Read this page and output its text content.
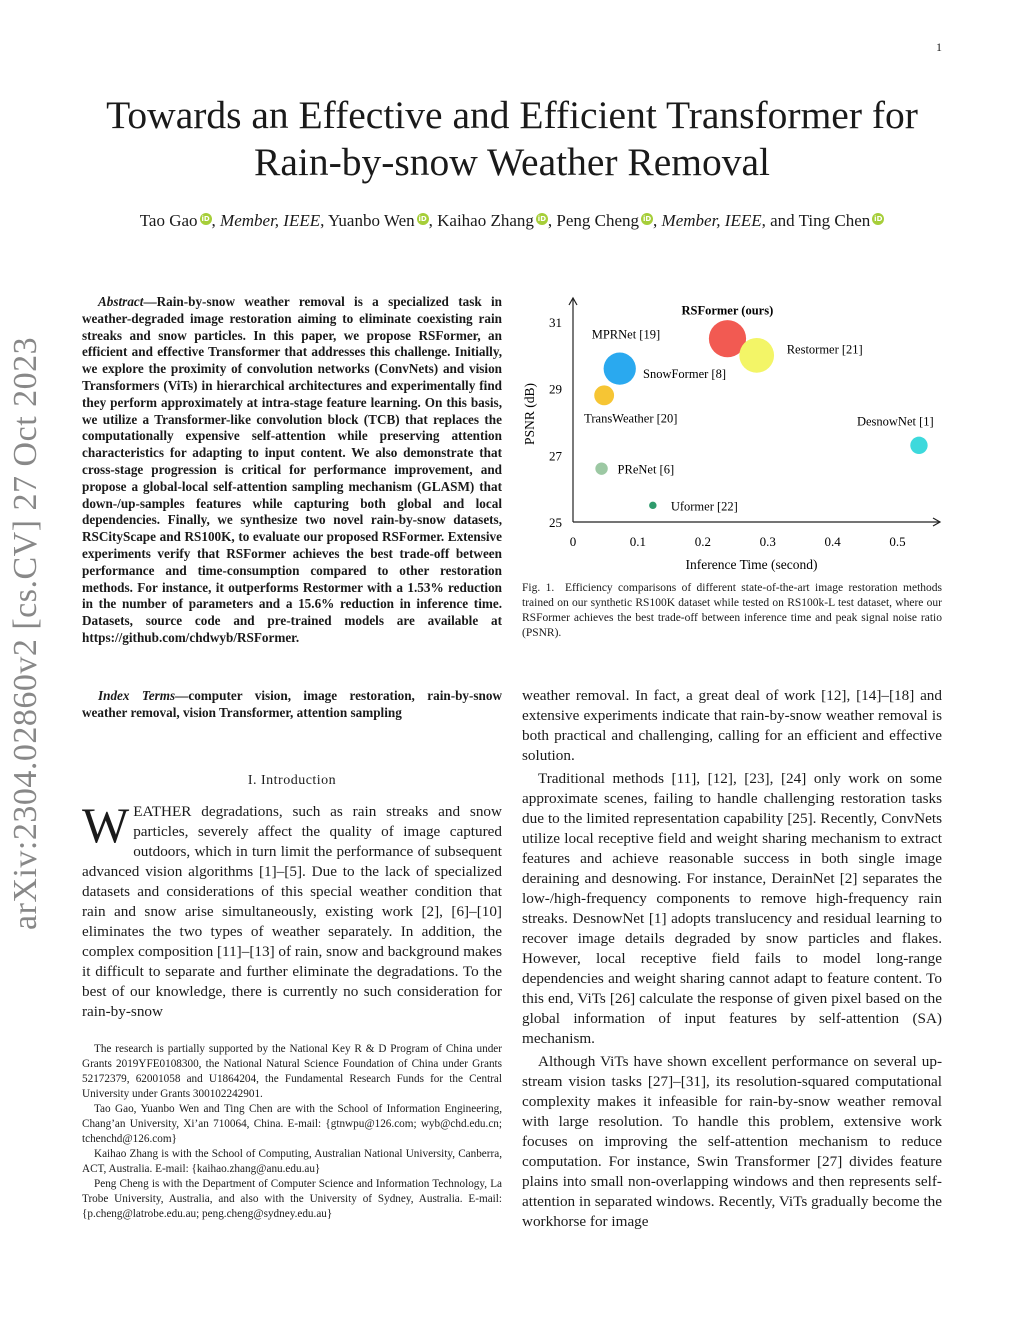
1
Towards an Effective and Efficient Transformer for
Rain-by-snow Weather Removal
Tao Gao iD , Member, IEEE, Yuanbo Wen iD , Kaihao Zhang iD , Peng Cheng iD , Member, IEEE, and Ting Chen iD
arXiv:2304.02860v2 [cs.CV] 27 Oct 2023
Abstract—Rain-by-snow weather removal is a specialized task in weather-degraded image restoration aiming to eliminate coexisting rain streaks and snow particles. In this paper, we propose RSFormer, an efficient and effective Transformer that addresses this challenge. Initially, we explore the proximity of convolution networks (ConvNets) and vision Transformers (ViTs) in hierarchical architectures and experimentally find they perform approximately at intra-stage feature learning. On this basis, we utilize a Transformer-like convolution block (TCB) that replaces the computationally expensive self-attention while preserving attention characteristics for adapting to input content. We also demonstrate that cross-stage progression is critical for performance improvement, and propose a global-local self-attention sampling mechanism (GLASM) that down-/up-samples features while capturing both global and local dependencies. Finally, we synthesize two novel rain-by-snow datasets, RSCityScape and RS100K, to evaluate our proposed RSFormer. Extensive experiments verify that RSFormer achieves the best trade-off between performance and time-consumption compared to other restoration methods. For instance, it outperforms Restormer with a 1.53% reduction in the number of parameters and a 15.6% reduction in inference time. Datasets, source code and pre-trained models are available at https://github.com/chdwyb/RSFormer.
Index Terms—computer vision, image restoration, rain-by-snow weather removal, vision Transformer, attention sampling
I. Introduction
WEATHER degradations, such as rain streaks and snow particles, severely affect the quality of image captured outdoors, which in turn limit the performance of subsequent advanced vision algorithms [1]–[5]. Due to the lack of specialized datasets and considerations of this special weather condition that rain and snow arise simultaneously, existing work [2], [6]–[10] eliminates the two types of weather separately. In addition, the complex composition [11]–[13] of rain, snow and background makes it difficult to separate and further eliminate the degradations. To the best of our knowledge, there is currently no such consideration for rain-by-snow

The research is partially supported by the National Key R & D Program of China under Grants 2019YFE0108300, the National Natural Science Foundation of China under Grants 52172379, 62001058 and U1864204, the Fundamental Research Funds for the Central University under Grants 300102242901.

Tao Gao, Yuanbo Wen and Ting Chen are with the School of Information Engineering, Chang’an University, Xi’an 710064, China. E-mail: {gtnwpu@126.com; wyb@chd.edu.cn; tchenchd@126.com}

Kaihao Zhang is with the School of Computing, Australian National University, Canberra, ACT, Australia. E-mail: {kaihao.zhang@anu.edu.au}

Peng Cheng is with the Department of Computer Science and Information Technology, La Trobe University, Australia, and also with the University of Sydney, Australia. E-mail: {p.cheng@latrobe.edu.au; peng.cheng@sydney.edu.au}

25
27
29
31
0	0.1	0.2	0.3	0.4	0.5
Inference Time (second)
PSNR (dB)
RSFormer (ours)
Restormer [21]
MPRNet [19]
SnowFormer [8]
TransWeather [20]	DesnowNet [1]
PReNet [6]
Uformer [22]
Fig. 1. Efficiency comparisons of different state-of-the-art image restoration methods trained on our synthetic RS100K dataset while tested on RS100k-L test dataset, where our RSFormer achieves the best trade-off between inference time and peak signal noise ratio (PSNR).

weather removal. In fact, a great deal of work [12], [14]–[18] and extensive experiments indicate that rain-by-snow weather removal is both practical and challenging, calling for an efficient and effective solution.

Traditional methods [11], [12], [23], [24] only work on some approximate scenes, failing to handle challenging restoration tasks due to the limited representation capability [25]. Recently, ConvNets utilize local receptive field and weight sharing mechanism to extract features and achieve reasonable success in both single image deraining and desnowing. For instance, DerainNet [2] separates the low-/high-frequency components to remove high-frequency rain streaks. DesnowNet [1] adopts translucency and residual learning to recover image details degraded by snow particles and flakes. However, local receptive field fails to model long-range dependencies and weight sharing cannot adapt to feature content. To this end, ViTs [26] calculate the response of given pixel based on the global information of input features by self-attention (SA) mechanism.

Although ViTs have shown excellent performance on several up-stream vision tasks [27]–[31], its resolution-squared computational complexity makes it infeasible for rain-by-snow weather removal with large resolution. To handle this problem, extensive work focuses on improving the self-attention mechanism to reduce computation. For instance, Swin Transformer [27] divides feature plains into small non-overlapping windows and then represents self-attention in separated windows. Recently, ViTs gradually become the workhorse for image
